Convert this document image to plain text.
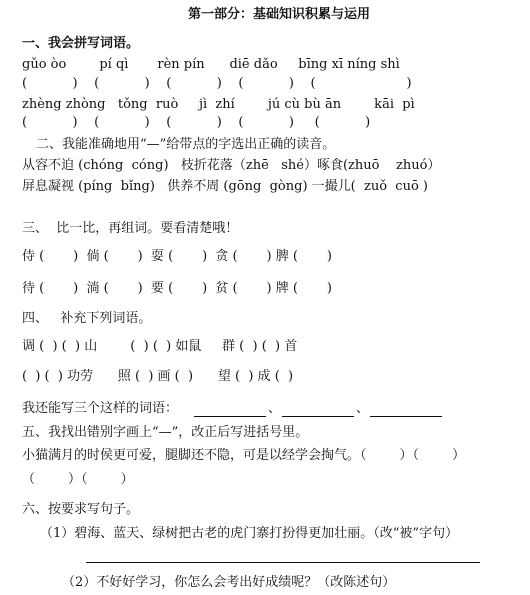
第一部分：基础知识积累与运用
一、我会拼写词语。
gǔo òo        pí qì       rèn pín      diē dǎo     bīng xī níng shì
(           )    (           )    (           )    (           )    (                      )
zhèng zhòng   tǒng  ruò     jì  zhí        jú cù bù ān        kāi  pì
(           )    (           )    (           )    (           )     (           )
二、我能准确地用“—”给带点的字选出正确的读音。
从容不迫 (chóng  cóng)   枝折花落（zhē   shé）啄食(zhuō    zhuó）
屏息凝视 (píng  bǐng)   供养不周 (gōng  gòng) 一撮儿(  zuǒ  cuō )
三、  比一比，再组词。要看清楚哦！
侍 (       )  倘 (       )  耍 (       )  贪 (       ) 脾 (       )
待 (       )  淌 (       )  要 (       )  贫 (       ) 牌 (       )
四、   补充下列词语。
调 (  ) (  ) 山        (  ) (  ) 如鼠     群 (  ) (  ) 首
(  ) (  ) 功劳      照 (  ) 画 (  )      望 (  ) 成 (  )
我还能写三个这样的词语：	、	、
五、我找出错别字画上“—”，改正后写进括号里。
小猫满月的时侯更可爱，腿脚还不隐，可是以经学会掏气。（        ）（        ）
（        ）（        ）
六、按要求写句子。
（1）碧海、蓝天、绿树把古老的虎门寨打扮得更加壮丽。（改“被”字句）
（2）不好好学习，你怎么会考出好成绩呢？（改陈述句）
